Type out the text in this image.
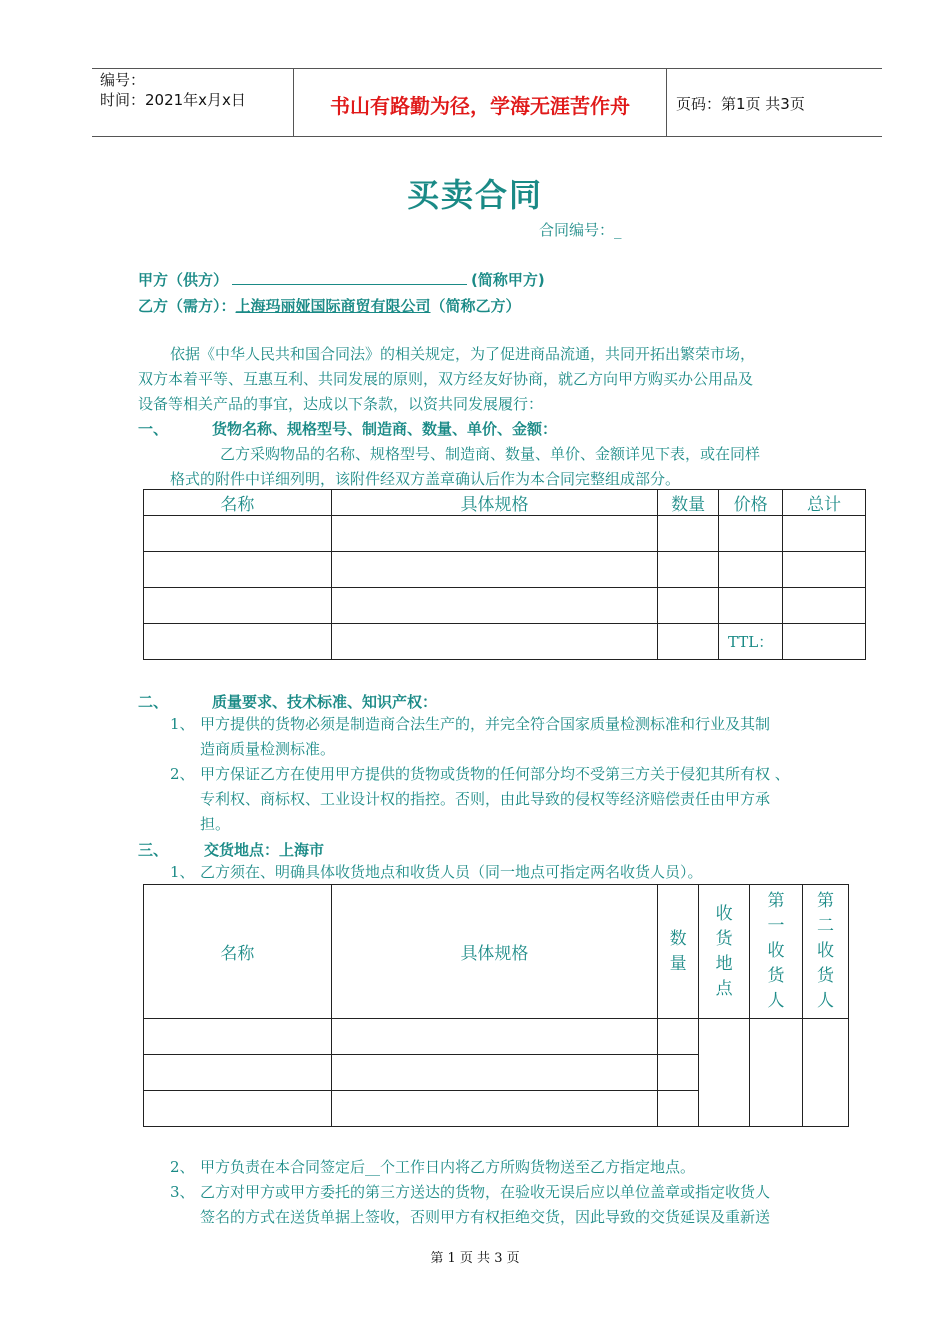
编号：
时间：2021年x月x日	书山有路勤为径，学海无涯苦作舟	页码：第1页 共3页
买卖合同
合同编号：_
甲方（供方）	(简称甲方)
乙方（需方）：上海玛丽娅国际商贸有限公司（简称乙方）
依据《中华人民共和国合同法》的相关规定，为了促进商品流通，共同开拓出繁荣市场，
双方本着平等、互惠互利、共同发展的原则，双方经友好协商，就乙方向甲方购买办公用品及
设备等相关产品的事宜，达成以下条款，以资共同发展履行：
一、	货物名称、规格型号、制造商、数量、单价、金额：
乙方采购物品的名称、规格型号、制造商、数量、单价、金额详见下表，或在同样
格式的附件中详细列明，该附件经双方盖章确认后作为本合同完整组成部分。
名称	具体规格	数量	价格	总计

			TTL：	
二、	质量要求、技术标准、知识产权：
1、 甲方提供的货物必须是制造商合法生产的，并完全符合国家质量检测标准和行业及其制
造商质量检测标准。
2、 甲方保证乙方在使用甲方提供的货物或货物的任何部分均不受第三方关于侵犯其所有权 、
专利权、商标权、工业设计权的指控。否则，由此导致的侵权等经济赔偿责任由甲方承
担。
三、 交货地点：上海市
1、 乙方须在、明确具体收货地点和收货人员（同一地点可指定两名收货人员）。
名称	具体规格	数
量	收
货
地
点	第
一
收
货
人	第
二
收
货
人

2、 甲方负责在本合同签定后__个工作日内将乙方所购货物送至乙方指定地点。
3、 乙方对甲方或甲方委托的第三方送达的货物，在验收无误后应以单位盖章或指定收货人
签名的方式在送货单据上签收，否则甲方有权拒绝交货，因此导致的交货延误及重新送
第 1 页 共 3 页
